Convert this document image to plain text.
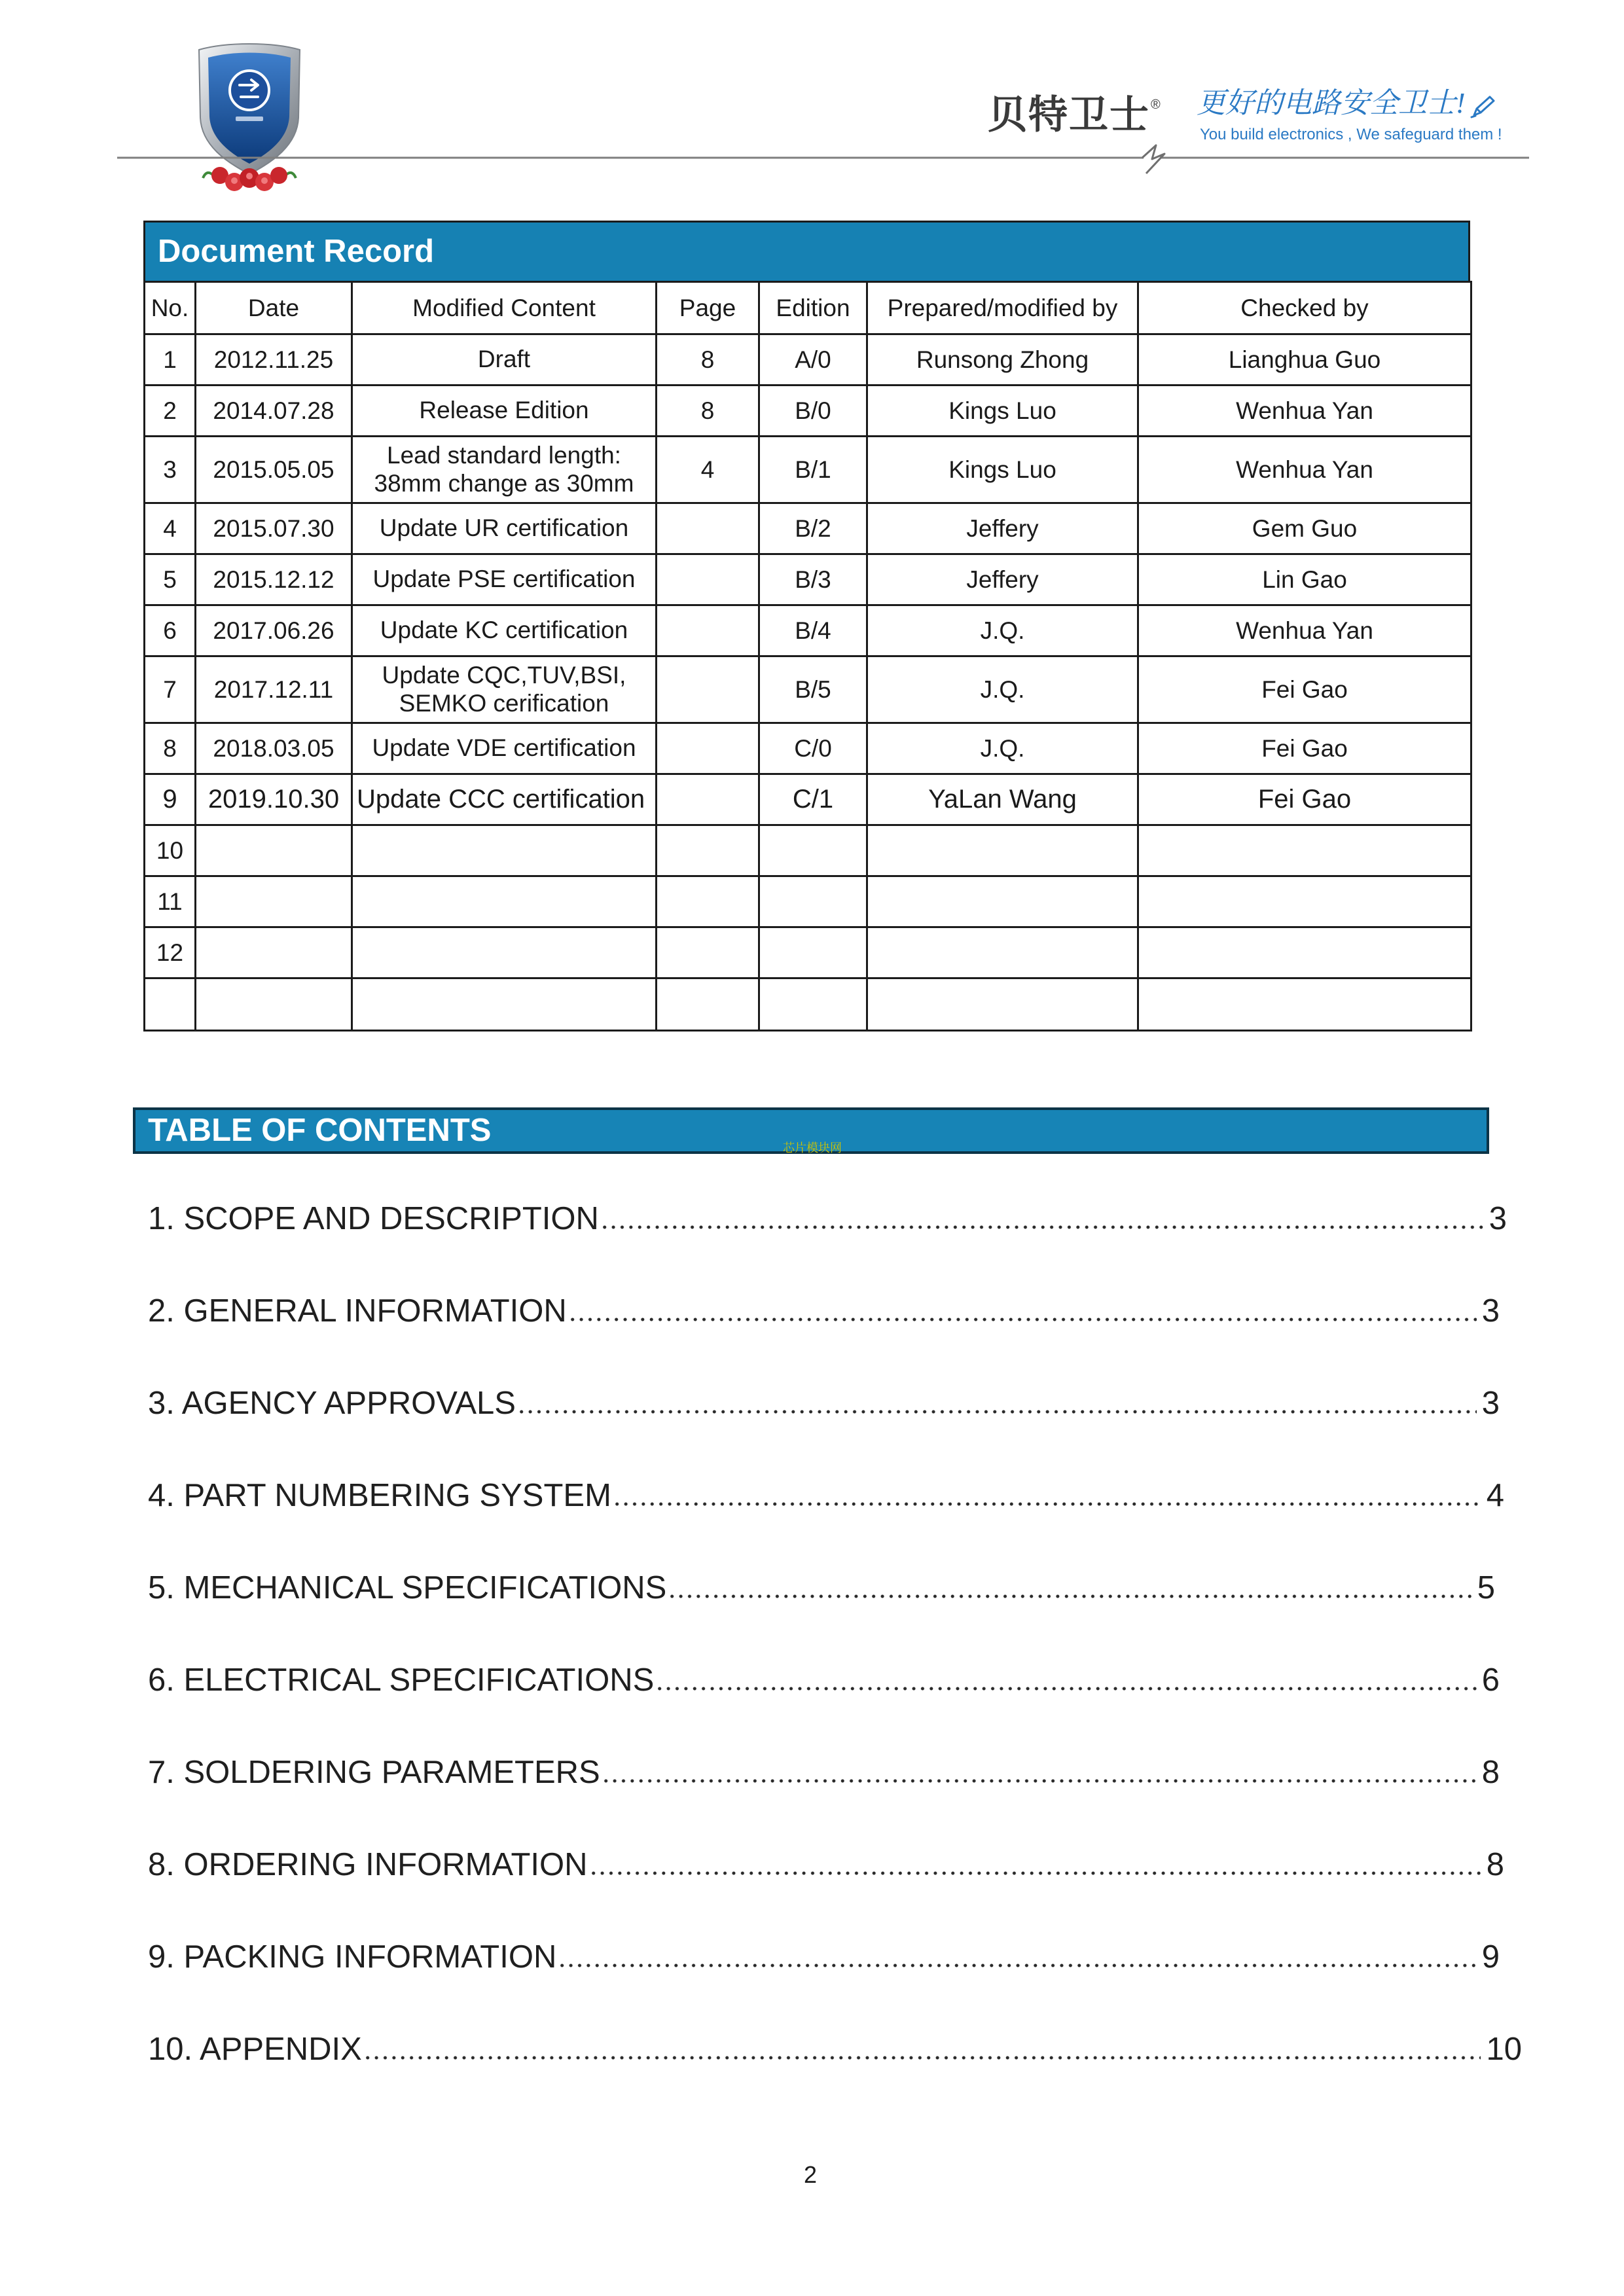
贝特卫士 ® 更好的电路安全卫士!
You build electronics , We safeguard them !
Document Record
No.	Date	Modified Content	Page	Edition	Prepared/modified by	Checked by
1	2012.11.25	Draft	8	A/0	Runsong Zhong	Lianghua Guo
2	2014.07.28	Release Edition	8	B/0	Kings Luo	Wenhua Yan
3	2015.05.05	Lead standard length:
38mm change as 30mm	4	B/1	Kings Luo	Wenhua Yan
4	2015.07.30	Update UR certification		B/2	Jeffery	Gem Guo
5	2015.12.12	Update PSE certification		B/3	Jeffery	Lin Gao
6	2017.06.26	Update KC certification		B/4	J.Q.	Wenhua Yan
7	2017.12.11	Update CQC,TUV,BSI,
SEMKO cerification		B/5	J.Q.	Fei Gao
8	2018.03.05	Update VDE certification		C/0	J.Q.	Fei Gao
9	2019.10.30	Update CCC certification		C/1	YaLan Wang	Fei Gao
10						
11						
12						

TABLE OF CONTENTS	芯片模块网
1. SCOPE AND DESCRIPTION	3
2. GENERAL INFORMATION	3
3. AGENCY APPROVALS	3
4. PART NUMBERING SYSTEM	4
5. MECHANICAL SPECIFICATIONS	5
6. ELECTRICAL SPECIFICATIONS	6
7. SOLDERING PARAMETERS	8
8. ORDERING INFORMATION	8
9. PACKING INFORMATION	9
10. APPENDIX	10
2
